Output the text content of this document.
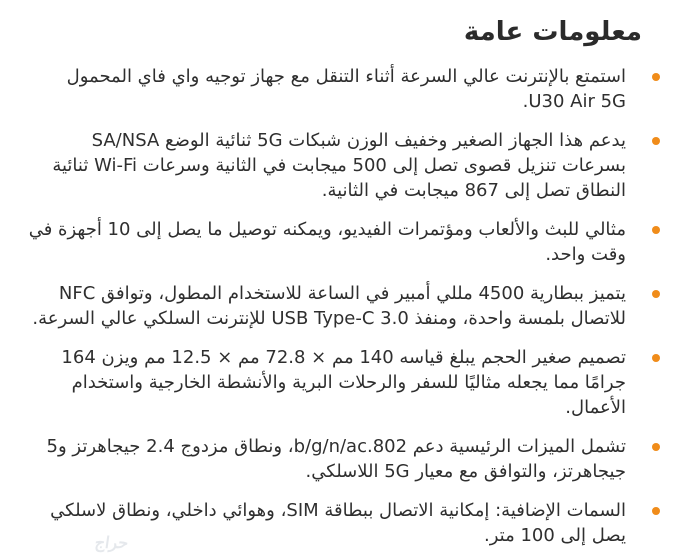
معلومات عامة
استمتع بالإنترنت عالي السرعة أثناء التنقل مع جهاز توجيه واي فاي المحمول U30 Air 5G.
يدعم هذا الجهاز الصغير وخفيف الوزن شبكات 5G ثنائية الوضع SA/NSA بسرعات تنزيل قصوى تصل إلى 500 ميجابت في الثانية وسرعات Wi-Fi ثنائية النطاق تصل إلى 867 ميجابت في الثانية.
مثالي للبث والألعاب ومؤتمرات الفيديو، ويمكنه توصيل ما يصل إلى 10 أجهزة في وقت واحد.
يتميز ببطارية 4500 مللي أمبير في الساعة للاستخدام المطول، وتوافق NFC للاتصال بلمسة واحدة، ومنفذ USB Type-C 3.0 للإنترنت السلكي عالي السرعة.
تصميم صغير الحجم يبلغ قياسه 140 مم × 72.8 مم × 12.5 مم ويزن 164 جرامًا مما يجعله مثاليًا للسفر والرحلات البرية والأنشطة الخارجية واستخدام الأعمال.
تشمل الميزات الرئيسية دعم b/g/n/ac.802، ونطاق مزدوج 2.4 جيجاهرتز و5 جيجاهرتز، والتوافق مع معيار 5G اللاسلكي.
السمات الإضافية: إمكانية الاتصال ببطاقة SIM، وهوائي داخلي، ونطاق لاسلكي يصل إلى 100 متر.
حراج
